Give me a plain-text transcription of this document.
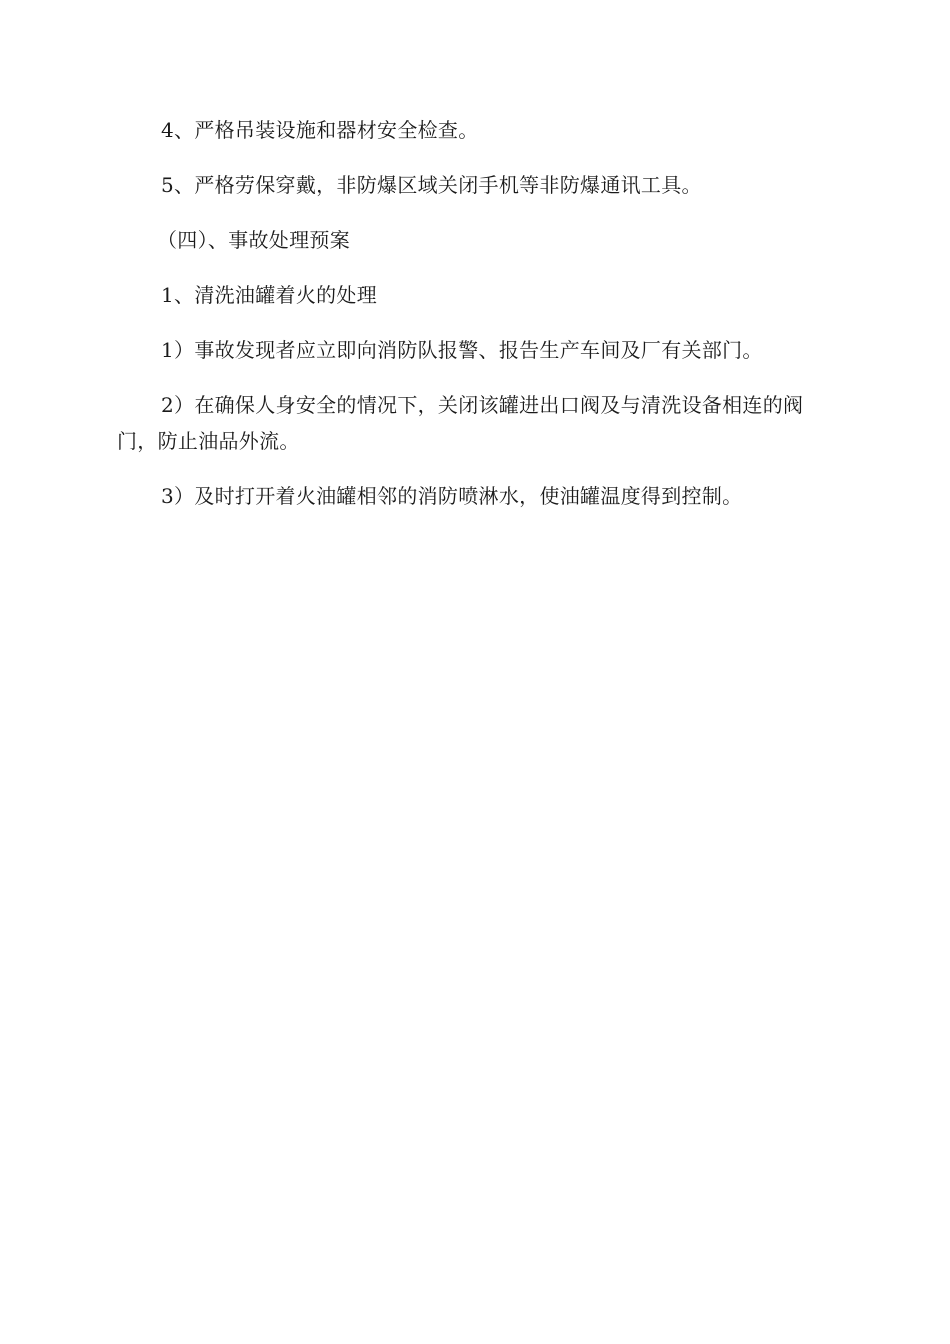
4、严格吊装设施和器材安全检查。

5、严格劳保穿戴，非防爆区域关闭手机等非防爆通讯工具。

（四）、事故处理预案

1、清洗油罐着火的处理

1）事故发现者应立即向消防队报警、报告生产车间及厂有关部门。

2）在确保人身安全的情况下，关闭该罐进出口阀及与清洗设备相连的阀门，防止油品外流。

3）及时打开着火油罐相邻的消防喷淋水，使油罐温度得到控制。
